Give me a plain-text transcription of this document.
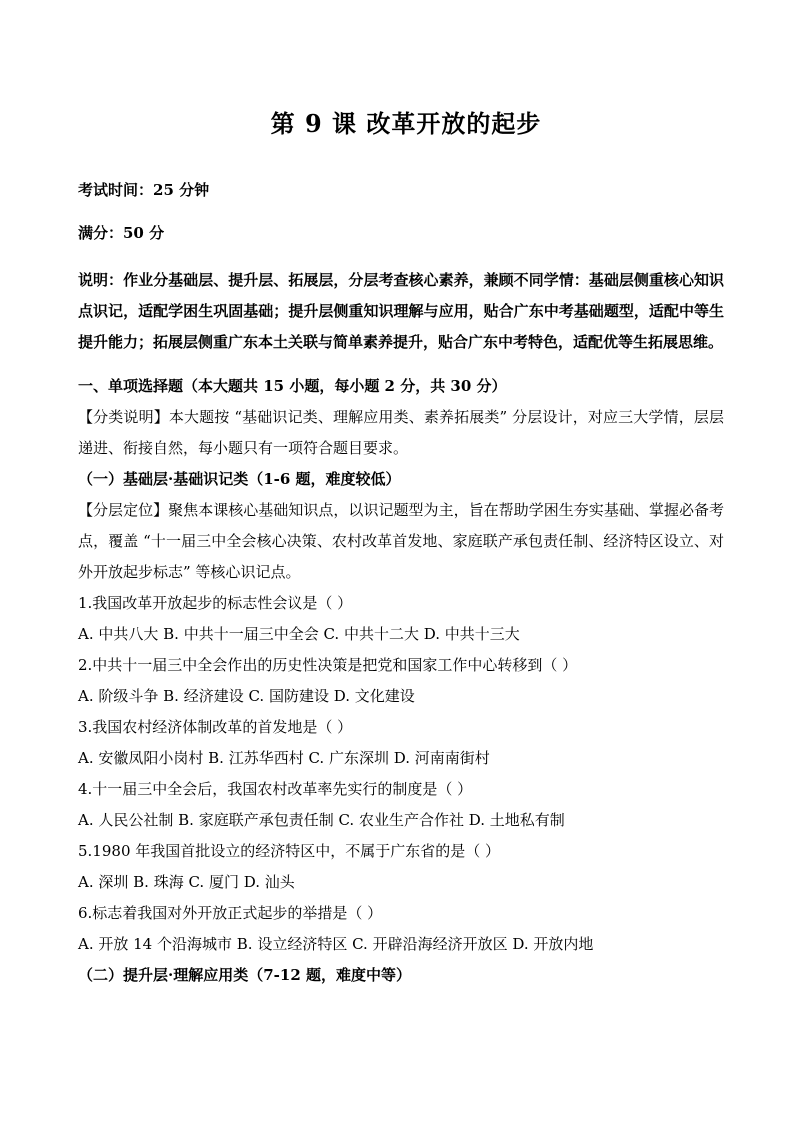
第 9 课 改革开放的起步

考试时间：25 分钟

满分：50 分

说明：作业分基础层、提升层、拓展层，分层考查核心素养，兼顾不同学情：基础层侧重核心知识点识记，适配学困生巩固基础；提升层侧重知识理解与应用，贴合广东中考基础题型，适配中等生提升能力；拓展层侧重广东本土关联与简单素养提升，贴合广东中考特色，适配优等生拓展思维。

一、单项选择题（本大题共 15 小题，每小题 2 分，共 30 分）

【分类说明】本大题按 “基础识记类、理解应用类、素养拓展类” 分层设计，对应三大学情，层层递进、衔接自然，每小题只有一项符合题目要求。

（一）基础层·基础识记类（1-6 题，难度较低）

【分层定位】聚焦本课核心基础知识点，以识记题型为主，旨在帮助学困生夯实基础、掌握必备考点，覆盖 “十一届三中全会核心决策、农村改革首发地、家庭联产承包责任制、经济特区设立、对外开放起步标志” 等核心识记点。

1.我国改革开放起步的标志性会议是（ ）

A. 中共八大 B. 中共十一届三中全会 C. 中共十二大 D. 中共十三大

2.中共十一届三中全会作出的历史性决策是把党和国家工作中心转移到（ ）

A. 阶级斗争 B. 经济建设 C. 国防建设 D. 文化建设

3.我国农村经济体制改革的首发地是（ ）

A. 安徽凤阳小岗村 B. 江苏华西村 C. 广东深圳 D. 河南南街村

4.十一届三中全会后，我国农村改革率先实行的制度是（ ）

A. 人民公社制 B. 家庭联产承包责任制 C. 农业生产合作社 D. 土地私有制

5.1980 年我国首批设立的经济特区中，不属于广东省的是（ ）

A. 深圳 B. 珠海 C. 厦门 D. 汕头

6.标志着我国对外开放正式起步的举措是（ ）

A. 开放 14 个沿海城市 B. 设立经济特区 C. 开辟沿海经济开放区 D. 开放内地

（二）提升层·理解应用类（7-12 题，难度中等）
